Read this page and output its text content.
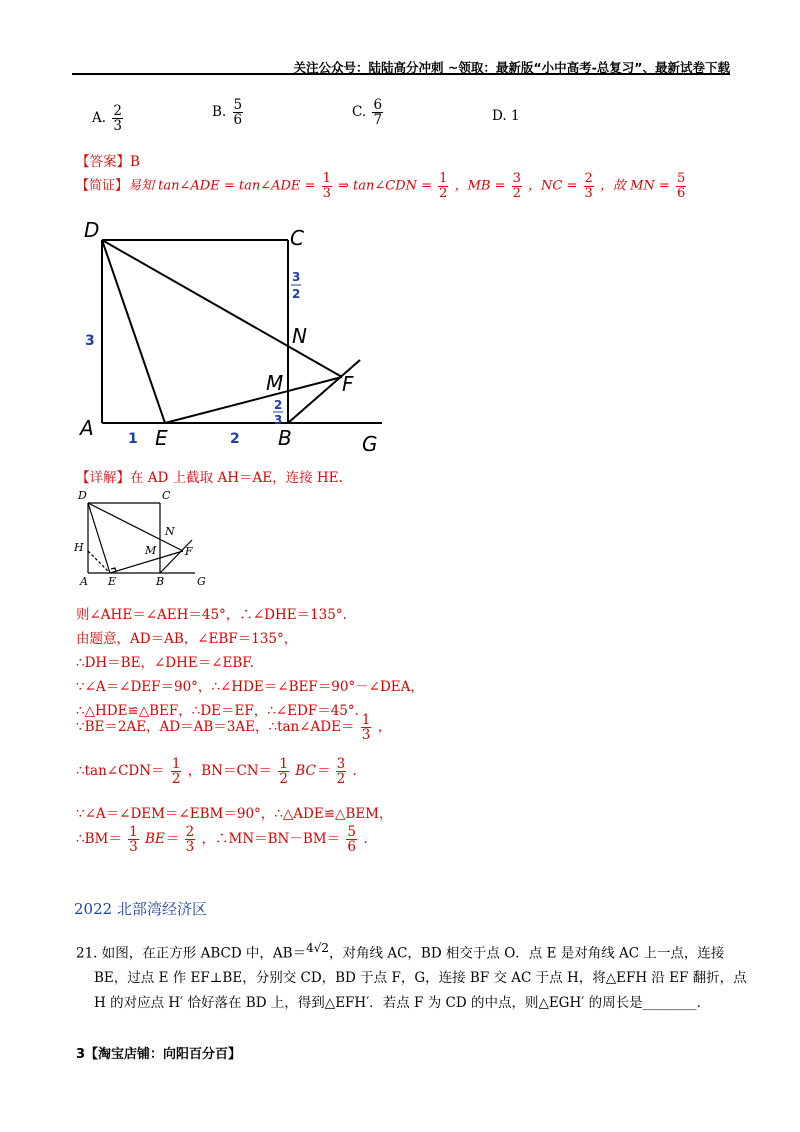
关注公众号：陆陆高分冲刺 ~领取：最新版“小中高考-总复习”、最新试卷下载
A. $\frac{2}{3}$	B. $\frac{5}{6}$	C. $\frac{6}{7}$	D. 1
【答案】B
【简证】易知 tan∠ADE = tan∠ADE = $\frac{1}{3}$ ⇒ tan∠CDN = $\frac{1}{2}$ ，MB = $\frac{3}{2}$ ，NC = $\frac{2}{3}$ ，故 MN = $\frac{5}{6}$
D	C
A	E	B	G
N
M	F
3
1	2
3
2
2
3
【详解】在 AD 上截取 AH＝AE，连接 HE.
D	C
H
N
M	F
A E	B	G
则∠AHE＝∠AEH＝45°，∴∠DHE＝135°.
由题意，AD＝AB，∠EBF＝135°，
∴DH＝BE，∠DHE＝∠EBF.
∵∠A＝∠DEF＝90°，∴∠HDE＝∠BEF＝90°－∠DEA，
∴△HDE≌△BEF，∴DE＝EF，∴∠EDF＝45°.
∵BE＝2AE，AD＝AB＝3AE，∴tan∠ADE＝ $\frac{1}{3}$ ，
∴tan∠CDN＝ $\frac{1}{2}$ ，$BN=CN= \frac{1}{2} BC= \frac{3}{2}$ .
∵∠A＝∠DEM＝∠EBM＝90°，∴△ADE≌△BEM，
∴BM＝ $\frac{1}{3} BE= \frac{2}{3}$ ，∴MN＝BN－BM＝ $\frac{5}{6}$ .
2022 北部湾经济区
21. 如图，在正方形 ABCD 中，AB＝$^{4√2}$，对角线 AC，BD 相交于点 O．点 E 是对角线 AC 上一点，连接
BE，过点 E 作 EF⊥BE，分别交 CD，BD 于点 F，G，连接 BF 交 AC 于点 H，将△EFH 沿 EF 翻折，点
H 的对应点 H′ 恰好落在 BD 上，得到△EFH′．若点 F 为 CD 的中点，则△EGH′ 的周长是________．
3【淘宝店铺：向阳百分百】
